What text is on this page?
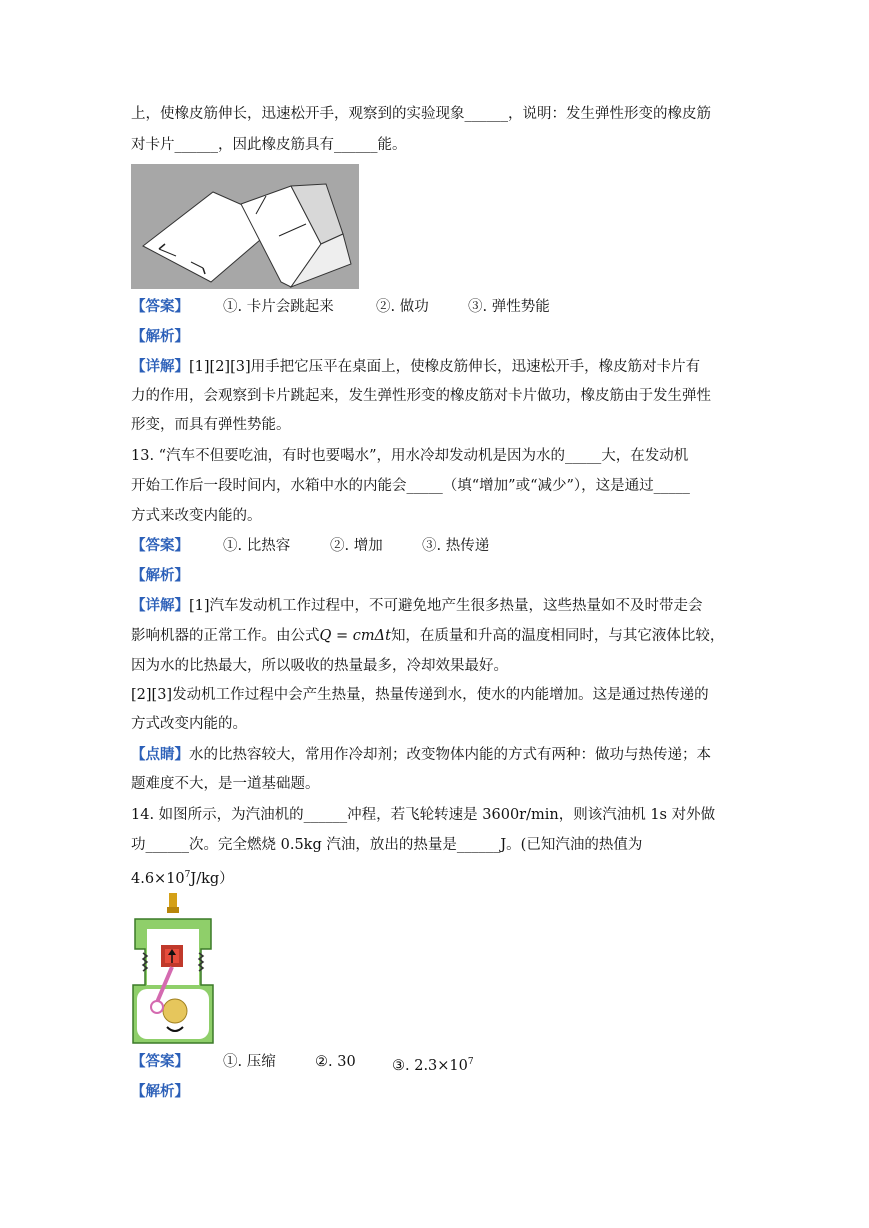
上，使橡皮筋伸长，迅速松开手，观察到的实验现象______，说明：发生弹性形变的橡皮筋
对卡片______，因此橡皮筋具有______能。
【答案】 ①. 卡片会跳起来	②. 做功	③. 弹性势能
【解析】
【详解】[1][2][3]用手把它压平在桌面上，使橡皮筋伸长，迅速松开手，橡皮筋对卡片有
力的作用，会观察到卡片跳起来，发生弹性形变的橡皮筋对卡片做功，橡皮筋由于发生弹性
形变，而具有弹性势能。
13. “汽车不但要吃油，有时也要喝水”，用水冷却发动机是因为水的_____大，在发动机
开始工作后一段时间内，水箱中水的内能会_____（填“增加”或“减少”），这是通过_____
方式来改变内能的。
【答案】 ①. 比热容	②. 增加	③. 热传递
【解析】
【详解】[1]汽车发动机工作过程中，不可避免地产生很多热量，这些热量如不及时带走会
影响机器的正常工作。由公式Q = cmΔt知，在质量和升高的温度相同时，与其它液体比较，
因为水的比热最大，所以吸收的热量最多，冷却效果最好。
[2][3]发动机工作过程中会产生热量，热量传递到水，使水的内能增加。这是通过热传递的
方式改变内能的。
【点睛】水的比热容较大，常用作冷却剂；改变物体内能的方式有两种：做功与热传递；本
题难度不大，是一道基础题。
14. 如图所示，为汽油机的______冲程，若飞轮转速是 3600r/min，则该汽油机 1s 对外做
功______次。完全燃烧 0.5kg 汽油，放出的热量是______J。(已知汽油的热值为
$4.6\times 10^7J/kg$）
【答案】 ①. 压缩	②. 30	③. $2.3\times 10^7$
【解析】
